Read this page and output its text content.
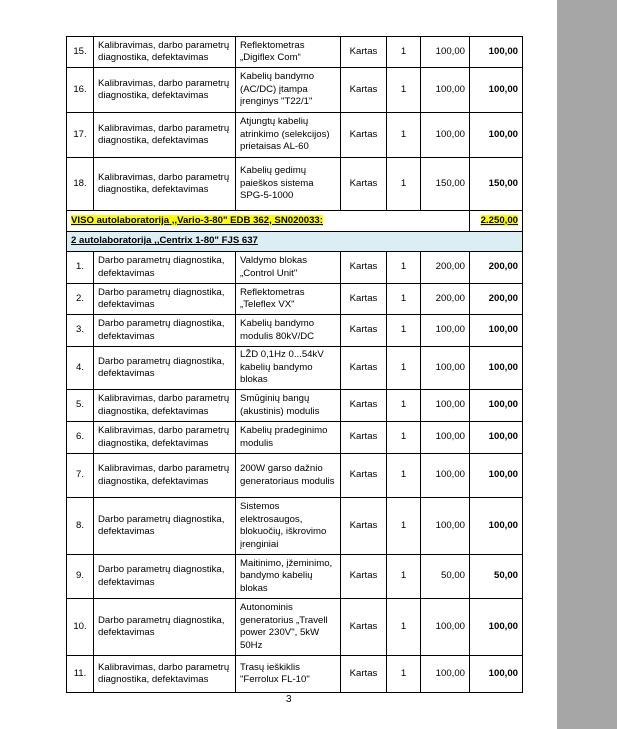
15.	Kalibravimas, darbo parametrų diagnostika, defektavimas	Reflektometras „Digiflex Com“	Kartas	1	100,00	100,00
16.	Kalibravimas, darbo parametrų diagnostika, defektavimas	Kabelių bandymo (AC/DC) įtampa įrenginys "T22/1"	Kartas	1	100,00	100,00
17.	Kalibravimas, darbo parametrų diagnostika, defektavimas	Atjungtų kabelių atrinkimo (selekcijos) prietaisas AL-60	Kartas	1	100,00	100,00
18.	Kalibravimas, darbo parametrų diagnostika, defektavimas	Kabelių gedimų paieškos sistema SPG-5-1000	Kartas	1	150,00	150,00
VISO autolaboratorija ,,Vario-3-80" EDB 362, SN020033:						2.250,00
2 autolaboratorija ,,Centrix 1-80" FJS 637						
1.	Darbo parametrų diagnostika, defektavimas	Valdymo blokas „Control Unit"	Kartas	1	200,00	200,00
2.	Darbo parametrų diagnostika, defektavimas	Reflektometras „Teleflex VX"	Kartas	1	200,00	200,00
3.	Darbo parametrų diagnostika, defektavimas	Kabelių bandymo modulis 80kV/DC	Kartas	1	100,00	100,00
4.	Darbo parametrų diagnostika, defektavimas	LŽD 0,1Hz 0...54kV kabelių bandymo blokas	Kartas	1	100,00	100,00
5.	Kalibravimas, darbo parametrų diagnostika, defektavimas	Smūginių bangų (akustinis) modulis	Kartas	1	100,00	100,00
6.	Kalibravimas, darbo parametrų diagnostika, defektavimas	Kabelių pradeginimo modulis	Kartas	1	100,00	100,00
7.	Kalibravimas, darbo parametrų diagnostika, defektavimas	200W garso dažnio generatoriaus modulis	Kartas	1	100,00	100,00
8.	Darbo parametrų diagnostika, defektavimas	Sistemos elektrosaugos, blokuočių, iškrovimo įrenginiai	Kartas	1	100,00	100,00
9.	Darbo parametrų diagnostika, defektavimas	Maitinimo, įžeminimo, bandymo kabelių blokas	Kartas	1	50,00	50,00
10.	Darbo parametrų diagnostika, defektavimas	Autonominis generatorius „Travell power 230V", 5kW 50Hz	Kartas	1	100,00	100,00
11.	Kalibravimas, darbo parametrų diagnostika, defektavimas	Trasų ieškiklis "Ferrolux FL-10"	Kartas	1	100,00	100,00
3
